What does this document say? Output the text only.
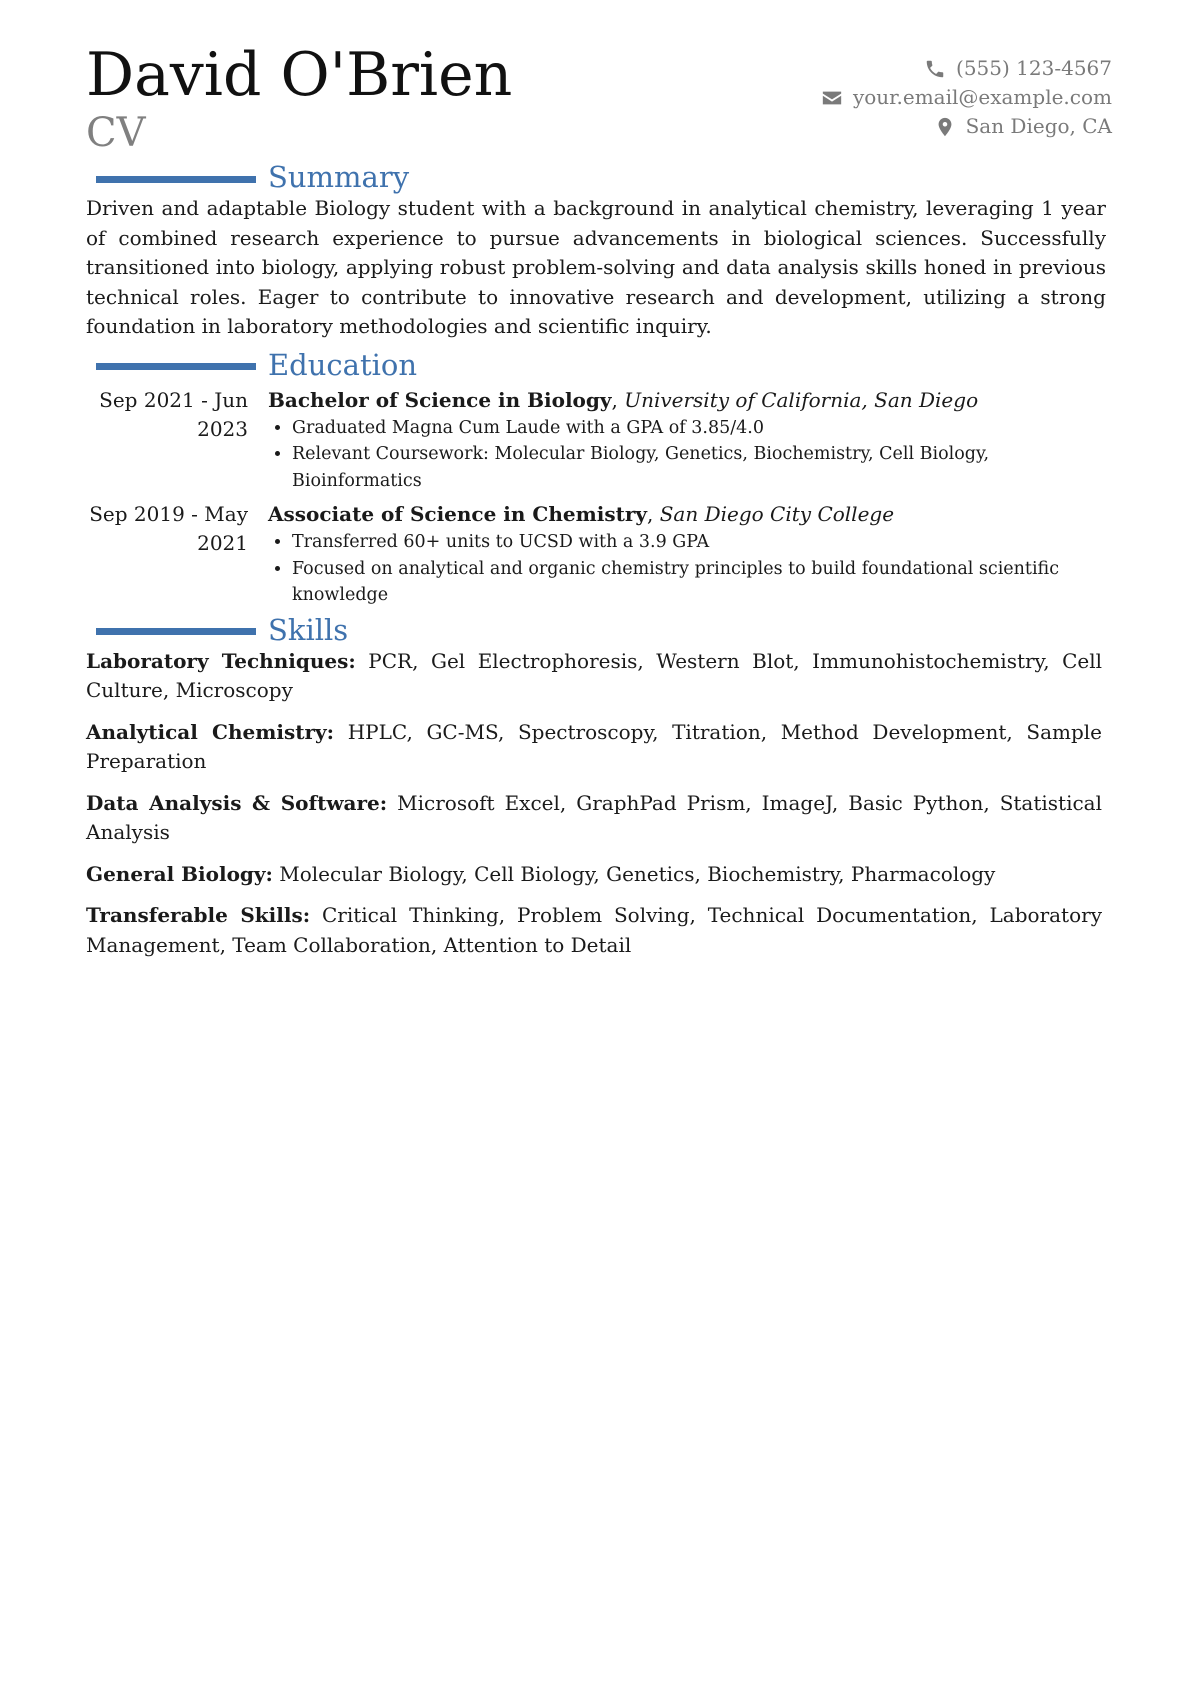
David O'Brien
CV
(555) 123-4567
your.email@example.com
San Diego, CA
Summary

Driven and adaptable Biology student with a background in analytical chemistry, leveraging 1 year of combined research experience to pursue advancements in biological sciences. Successfully transitioned into biology, applying robust problem-solving and data analysis skills honed in previous technical roles. Eager to contribute to innovative research and development, utilizing a strong foundation in laboratory methodologies and scientific inquiry.

Education
Sep 2021 - Jun
2023
Bachelor of Science in Biology, University of California, San Diego
• Graduated Magna Cum Laude with a GPA of 3.85/4.0
• Relevant Coursework: Molecular Biology, Genetics, Biochemistry, Cell Biology, Bioinformatics
Sep 2019 - May
2021
Associate of Science in Chemistry, San Diego City College
• Transferred 60+ units to UCSD with a 3.9 GPA
• Focused on analytical and organic chemistry principles to build foundational scientific knowledge
Skills

Laboratory Techniques: PCR, Gel Electrophoresis, Western Blot, Immunohistochemistry, Cell Culture, Microscopy

Analytical Chemistry: HPLC, GC-MS, Spectroscopy, Titration, Method Development, Sample Preparation

Data Analysis & Software: Microsoft Excel, GraphPad Prism, ImageJ, Basic Python, Statistical Analysis

General Biology: Molecular Biology, Cell Biology, Genetics, Biochemistry, Pharmacology

Transferable Skills: Critical Thinking, Problem Solving, Technical Documentation, Laboratory Management, Team Collaboration, Attention to Detail
